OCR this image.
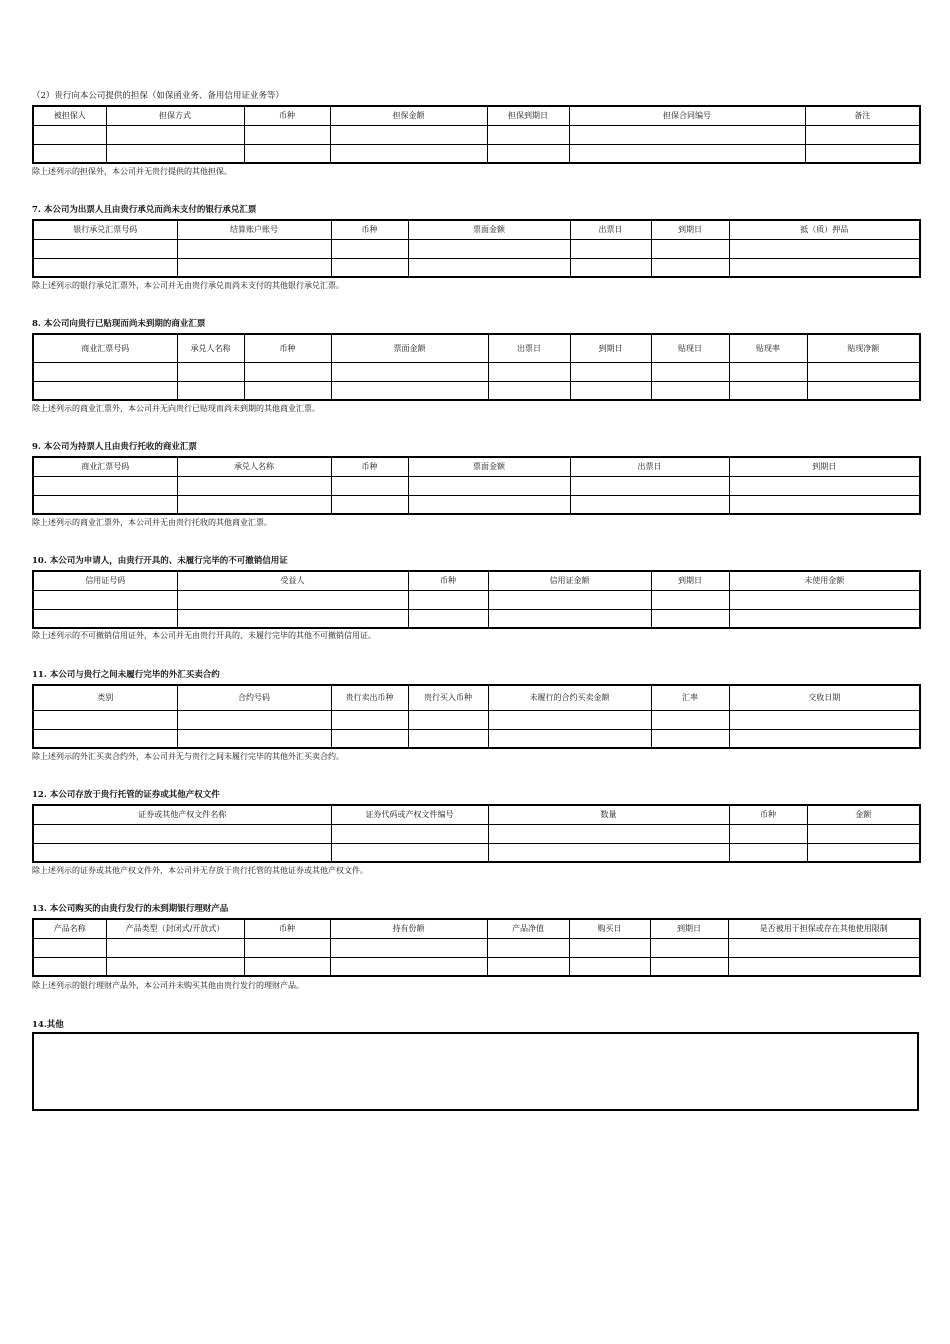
（2）贵行向本公司提供的担保（如保函业务、备用信用证业务等）
被担保人	担保方式	币种	担保金额	担保到期日	担保合同编号	备注

除上述列示的担保外，本公司并无贵行提供的其他担保。
7. 本公司为出票人且由贵行承兑而尚未支付的银行承兑汇票
银行承兑汇票号码	结算账户账号	币种	票面金额	出票日	到期日	抵（质）押品

除上述列示的银行承兑汇票外，本公司并无由贵行承兑而尚未支付的其他银行承兑汇票。
8. 本公司向贵行已贴现而尚未到期的商业汇票
商业汇票号码	承兑人名称	币种	票面金额	出票日	到期日	贴现日	贴现率	贴现净额

除上述列示的商业汇票外，本公司并无向贵行已贴现而尚未到期的其他商业汇票。
9. 本公司为持票人且由贵行托收的商业汇票
商业汇票号码	承兑人名称	币种	票面金额	出票日	到期日

除上述列示的商业汇票外，本公司并无由贵行托收的其他商业汇票。
10. 本公司为申请人，由贵行开具的、未履行完毕的不可撤销信用证
信用证号码	受益人	币种	信用证金额	到期日	未使用金额

除上述列示的不可撤销信用证外，本公司并无由贵行开具的、未履行完毕的其他不可撤销信用证。
11. 本公司与贵行之间未履行完毕的外汇买卖合约
类别	合约号码	贵行卖出币种	贵行买入币种	未履行的合约买卖金额	汇率	交收日期

除上述列示的外汇买卖合约外，本公司并无与贵行之间未履行完毕的其他外汇买卖合约。
12. 本公司存放于贵行托管的证券或其他产权文件
证券或其他产权文件名称	证券代码或产权文件编号	数量	币种	金额

除上述列示的证券或其他产权文件外，本公司并无存放于贵行托管的其他证券或其他产权文件。
13. 本公司购买的由贵行发行的未到期银行理财产品
产品名称	产品类型（封闭式/开放式）	币种	持有份额	产品净值	购买日	到期日	是否被用于担保或存在其他使用限制

除上述列示的银行理财产品外，本公司并未购买其他由贵行发行的理财产品。
14.其他
